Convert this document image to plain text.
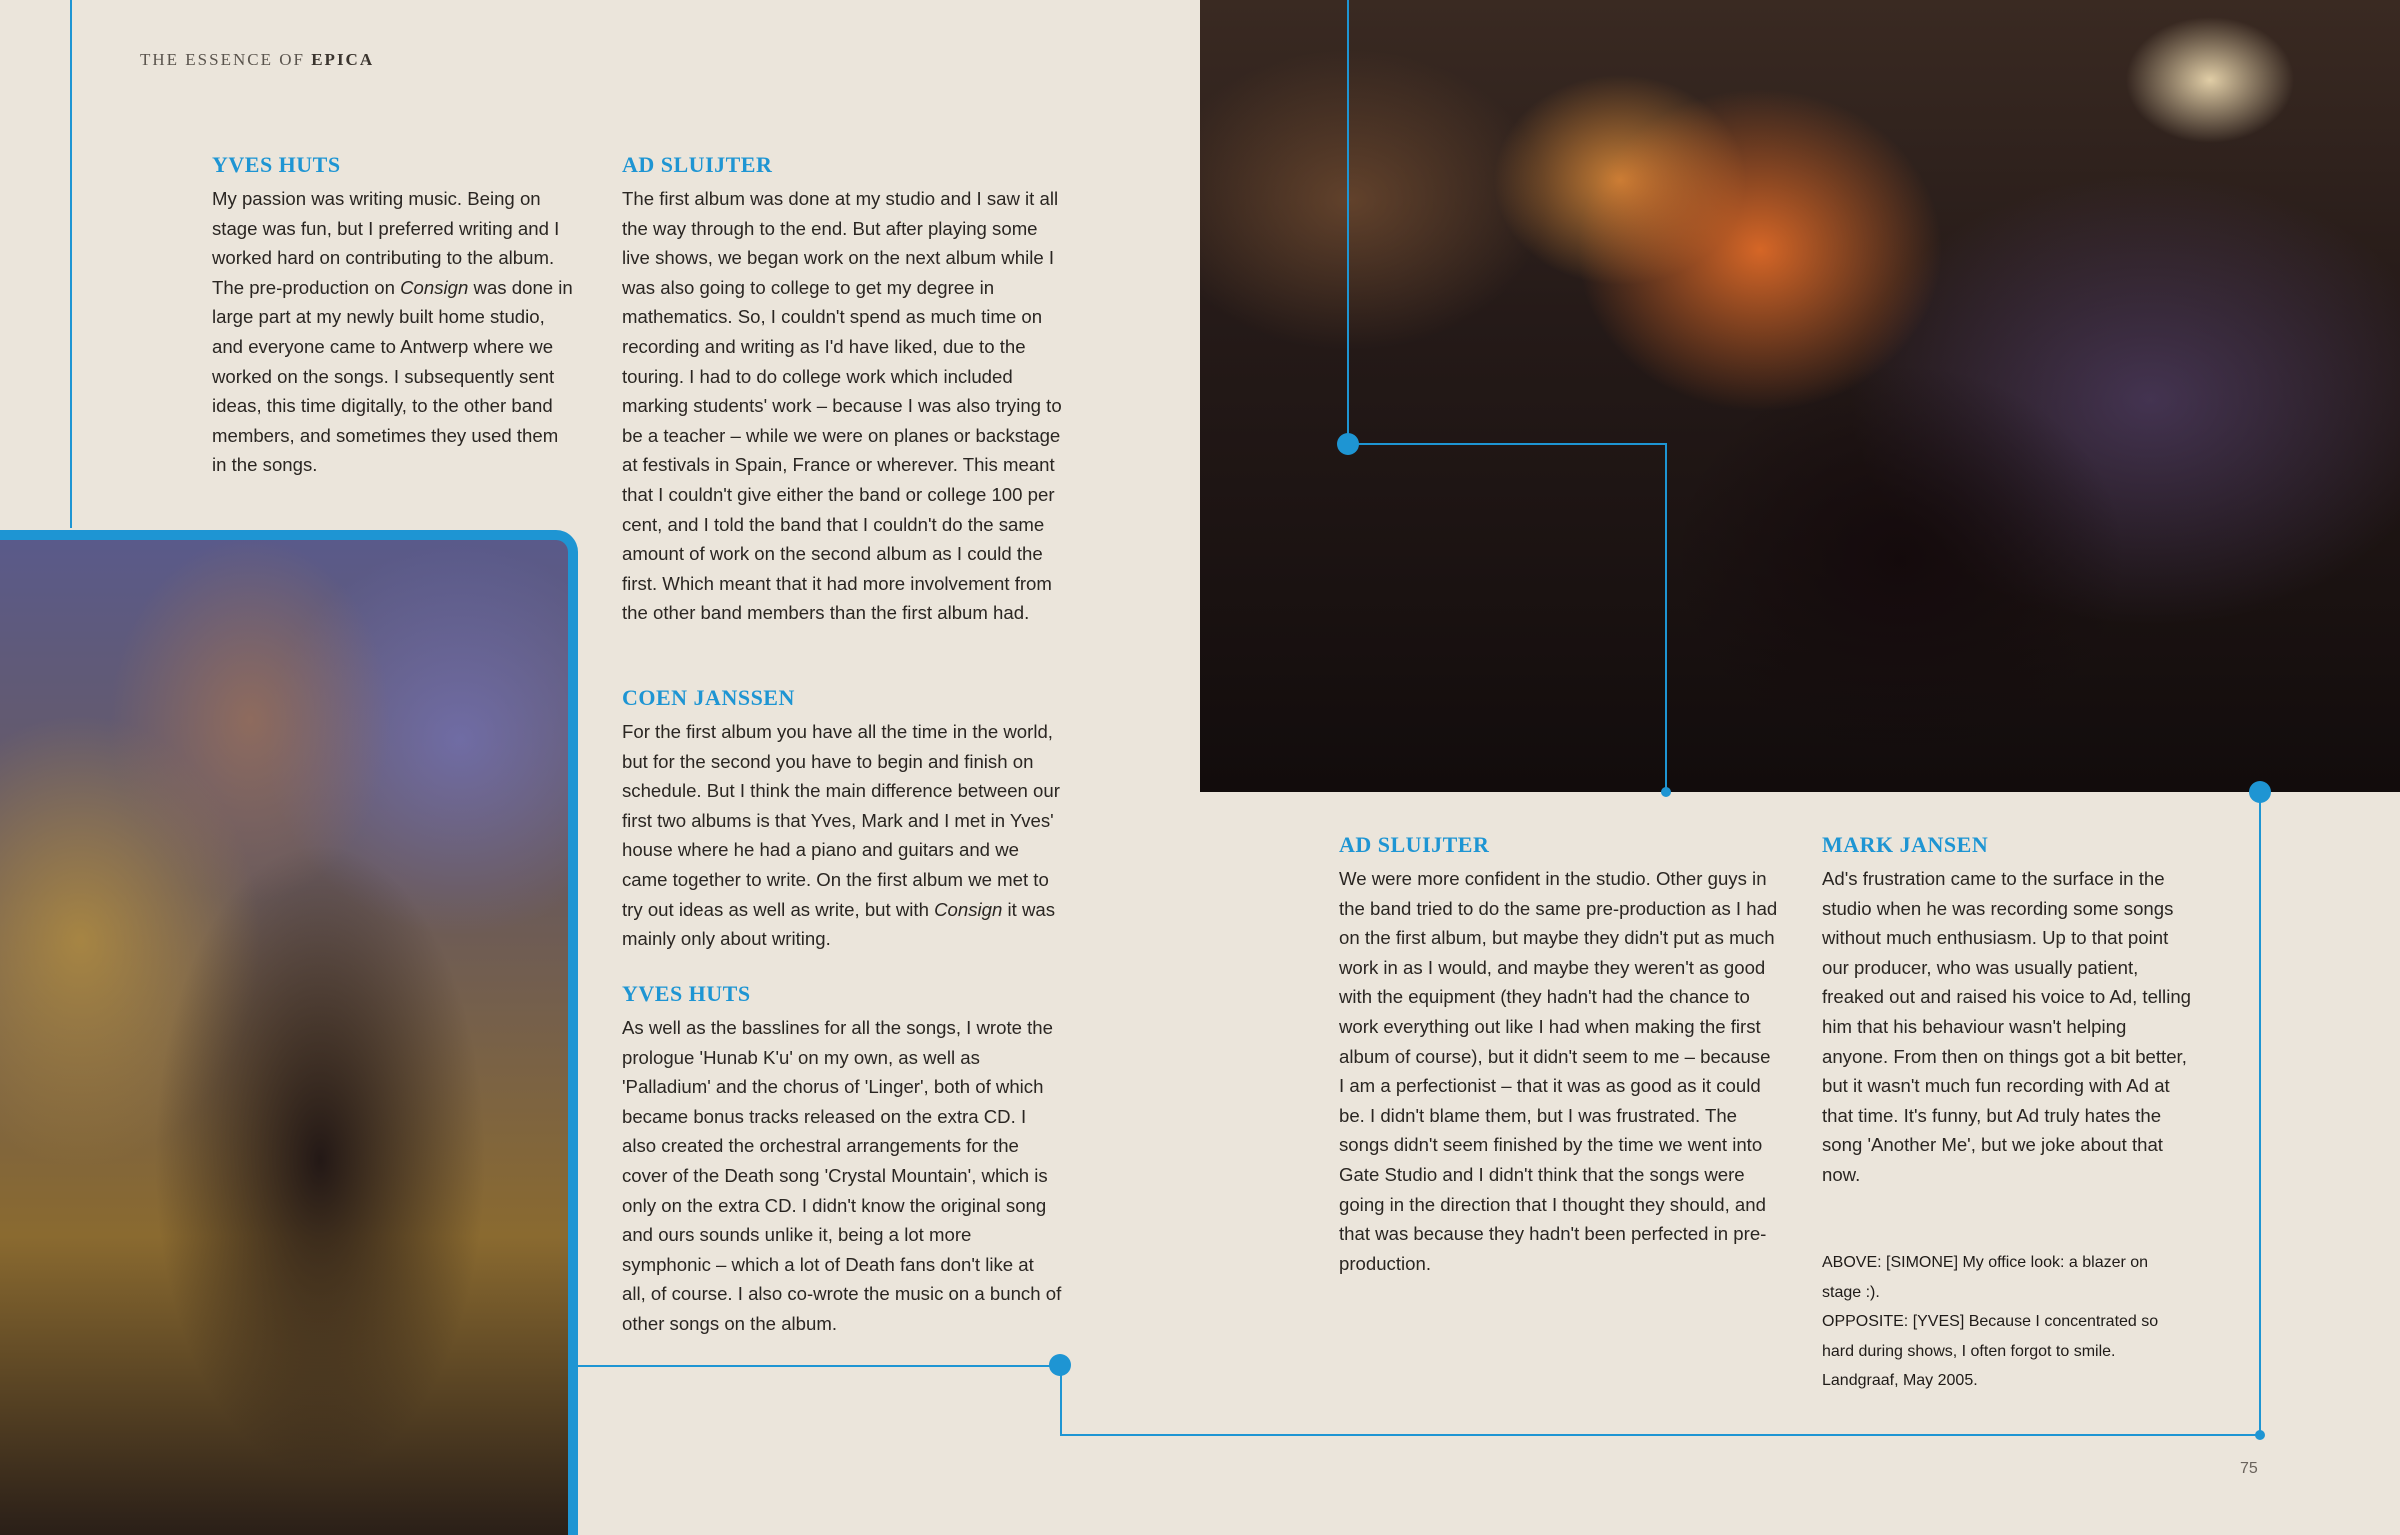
THE ESSENCE OF EPICA
YVES HUTS

My passion was writing music. Being on stage was fun, but I preferred writing and I worked hard on contributing to the album. The pre-production on Consign was done in large part at my newly built home studio, and everyone came to Antwerp where we worked on the songs. I subsequently sent ideas, this time digitally, to the other band members, and sometimes they used them in the songs.

AD SLUIJTER

The first album was done at my studio and I saw it all the way through to the end. But after playing some live shows, we began work on the next album while I was also going to college to get my degree in mathematics. So, I couldn't spend as much time on recording and writing as I'd have liked, due to the touring. I had to do college work which included marking students' work – because I was also trying to be a teacher – while we were on planes or backstage at festivals in Spain, France or wherever. This meant that I couldn't give either the band or college 100 per cent, and I told the band that I couldn't do the same amount of work on the second album as I could the first. Which meant that it had more involvement from the other band members than the first album had.

COEN JANSSEN

For the first album you have all the time in the world, but for the second you have to begin and finish on schedule. But I think the main difference between our first two albums is that Yves, Mark and I met in Yves' house where he had a piano and guitars and we came together to write. On the first album we met to try out ideas as well as write, but with Consign it was mainly only about writing.

YVES HUTS

As well as the basslines for all the songs, I wrote the prologue 'Hunab K'u' on my own, as well as 'Palladium' and the chorus of 'Linger', both of which became bonus tracks released on the extra CD. I also created the orchestral arrangements for the cover of the Death song 'Crystal Mountain', which is only on the extra CD. I didn't know the original song and ours sounds unlike it, being a lot more symphonic – which a lot of Death fans don't like at all, of course. I also co-wrote the music on a bunch of other songs on the album.

AD SLUIJTER

We were more confident in the studio. Other guys in the band tried to do the same pre-production as I had on the first album, but maybe they didn't put as much work in as I would, and maybe they weren't as good with the equipment (they hadn't had the chance to work everything out like I had when making the first album of course), but it didn't seem to me – because I am a perfectionist – that it was as good as it could be. I didn't blame them, but I was frustrated. The songs didn't seem finished by the time we went into Gate Studio and I didn't think that the songs were going in the direction that I thought they should, and that was because they hadn't been perfected in pre-production.

MARK JANSEN

Ad's frustration came to the surface in the studio when he was recording some songs without much enthusiasm. Up to that point our producer, who was usually patient, freaked out and raised his voice to Ad, telling him that his behaviour wasn't helping anyone. From then on things got a bit better, but it wasn't much fun recording with Ad at that time. It's funny, but Ad truly hates the song 'Another Me', but we joke about that now.

ABOVE: [SIMONE] My office look: a blazer on stage :).
OPPOSITE: [YVES] Because I concentrated so hard during shows, I often forgot to smile. Landgraaf, May 2005.
75
